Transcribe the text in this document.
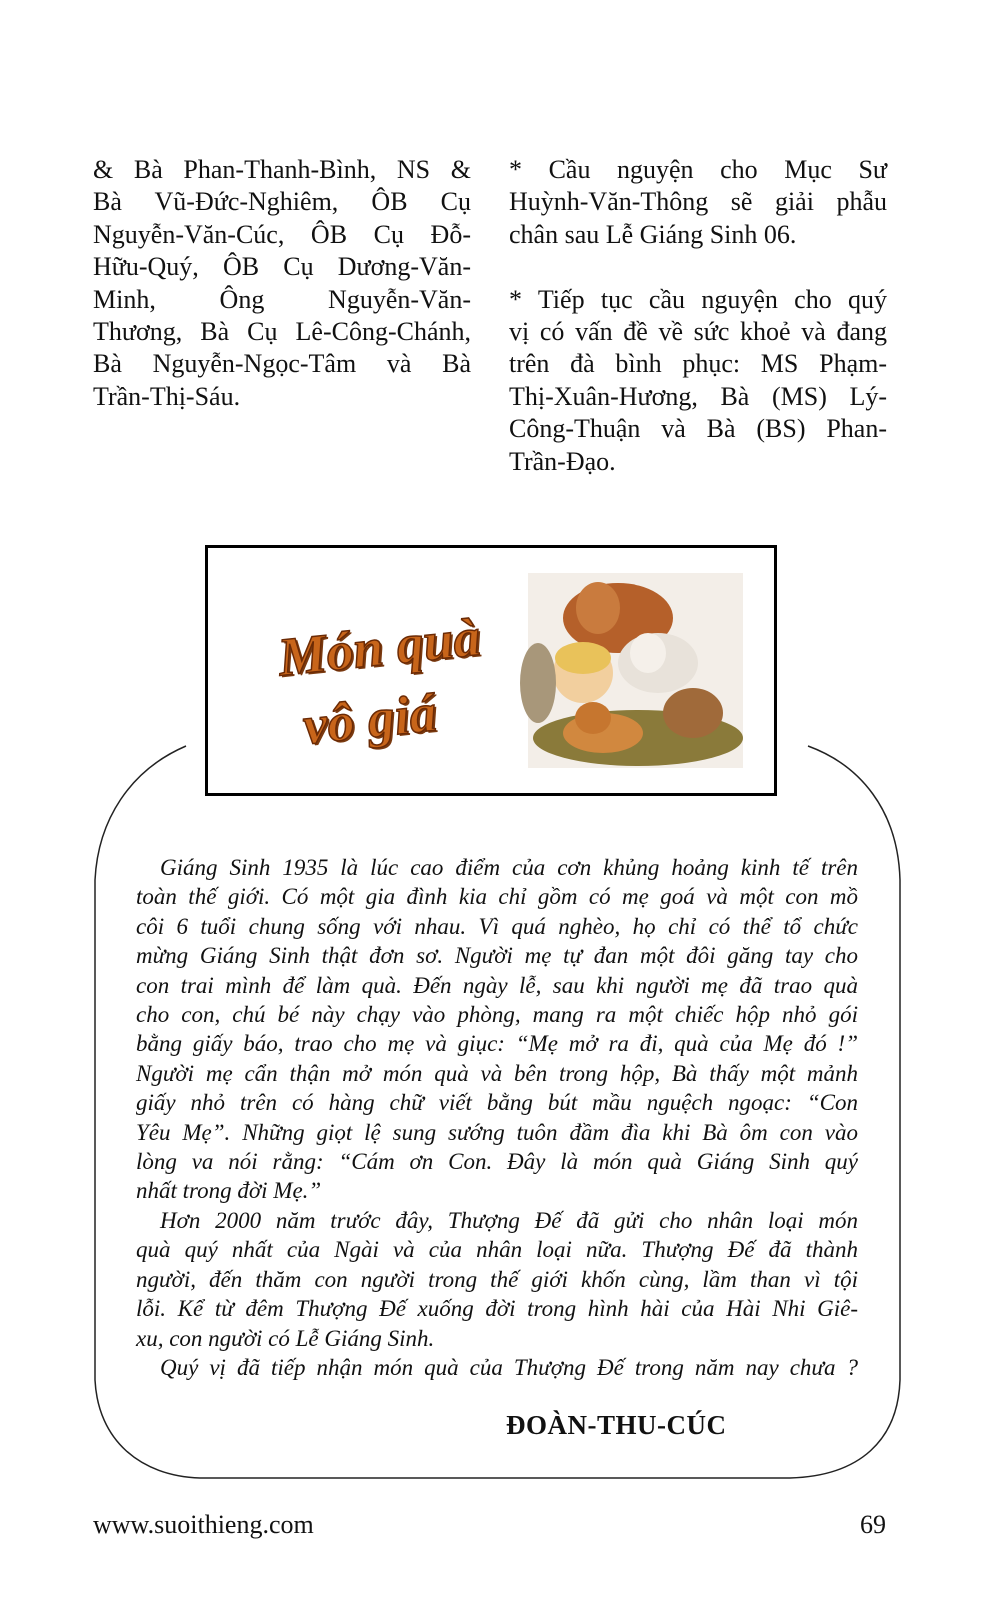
& Bà Phan-Thanh-Bình, NS &
Bà Vũ-Đức-Nghiêm, ÔB Cụ
Nguyễn-Văn-Cúc, ÔB Cụ Đỗ-
Hữu-Quý, ÔB Cụ Dương-Văn-
Minh, Ông Nguyễn-Văn-
Thương, Bà Cụ Lê-Công-Chánh,
Bà Nguyễn-Ngọc-Tâm và Bà
Trần-Thị-Sáu.
* Cầu nguyện cho Mục Sư
Huỳnh-Văn-Thông sẽ giải phẫu
chân sau Lễ Giáng Sinh 06.
* Tiếp tục cầu nguyện cho quý
vị có vấn đề về sức khoẻ và đang
trên đà bình phục: MS Phạm-
Thị-Xuân-Hương, Bà (MS) Lý-
Công-Thuận và Bà (BS) Phan-
Trần-Đạo.
Món quà
vô giá
Giáng Sinh 1935 là lúc cao điểm của cơn khủng hoảng kinh tế trên
toàn thế giới. Có một gia đình kia chỉ gồm có mẹ goá và một con mồ
côi 6 tuổi chung sống với nhau. Vì quá nghèo, họ chỉ có thể tổ chức
mừng Giáng Sinh thật đơn sơ. Người mẹ tự đan một đôi găng tay cho
con trai mình để làm quà. Đến ngày lễ, sau khi người mẹ đã trao quà
cho con, chú bé này chạy vào phòng, mang ra một chiếc hộp nhỏ gói
bằng giấy báo, trao cho mẹ và giục: “Mẹ mở ra đi, quà của Mẹ đó !”
Người mẹ cẩn thận mở món quà và bên trong hộp, Bà thấy một mảnh
giấy nhỏ trên có hàng chữ viết bằng bút mầu nguệch ngoạc: “Con
Yêu Mẹ”. Những giọt lệ sung sướng tuôn đầm đìa khi Bà ôm con vào
lòng va nói rằng: “Cám ơn Con. Đây là món quà Giáng Sinh quý
nhất trong đời Mẹ.”
Hơn 2000 năm trước đây, Thượng Đế đã gửi cho nhân loại món
quà quý nhất của Ngài và của nhân loại nữa. Thượng Đế đã thành
người, đến thăm con người trong thế giới khốn cùng, lầm than vì tội
lỗi. Kể từ đêm Thượng Đế xuống đời trong hình hài của Hài Nhi Giê-
xu, con người có Lễ Giáng Sinh.
Quý vị đã tiếp nhận món quà của Thượng Đế trong năm nay chưa ?
ĐOÀN-THU-CÚC
www.suoithieng.com	69
